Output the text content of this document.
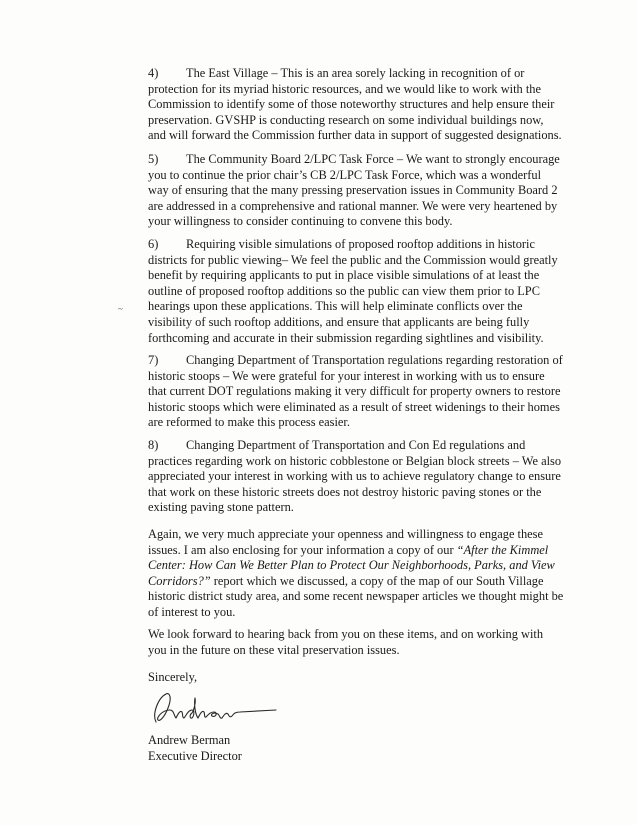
~
4) The East Village – This is an area sorely lacking in recognition of or
protection for its myriad historic resources, and we would like to work with the
Commission to identify some of those noteworthy structures and help ensure their
preservation. GVSHP is conducting research on some individual buildings now,
and will forward the Commission further data in support of suggested designations.
5) The Community Board 2/LPC Task Force – We want to strongly encourage
you to continue the prior chair’s CB 2/LPC Task Force, which was a wonderful
way of ensuring that the many pressing preservation issues in Community Board 2
are addressed in a comprehensive and rational manner. We were very heartened by
your willingness to consider continuing to convene this body.
6) Requiring visible simulations of proposed rooftop additions in historic
districts for public viewing– We feel the public and the Commission would greatly
benefit by requiring applicants to put in place visible simulations of at least the
outline of proposed rooftop additions so the public can view them prior to LPC
hearings upon these applications. This will help eliminate conflicts over the
visibility of such rooftop additions, and ensure that applicants are being fully
forthcoming and accurate in their submission regarding sightlines and visibility.
7) Changing Department of Transportation regulations regarding restoration of
historic stoops – We were grateful for your interest in working with us to ensure
that current DOT regulations making it very difficult for property owners to restore
historic stoops which were eliminated as a result of street widenings to their homes
are reformed to make this process easier.
8) Changing Department of Transportation and Con Ed regulations and
practices regarding work on historic cobblestone or Belgian block streets – We also
appreciated your interest in working with us to achieve regulatory change to ensure
that work on these historic streets does not destroy historic paving stones or the
existing paving stone pattern.
Again, we very much appreciate your openness and willingness to engage these
issues. I am also enclosing for your information a copy of our “After the Kimmel
Center: How Can We Better Plan to Protect Our Neighborhoods, Parks, and View
Corridors?” report which we discussed, a copy of the map of our South Village
historic district study area, and some recent newspaper articles we thought might be
of interest to you.
We look forward to hearing back from you on these items, and on working with
you in the future on these vital preservation issues.
Sincerely,
Andrew Berman
Executive Director
